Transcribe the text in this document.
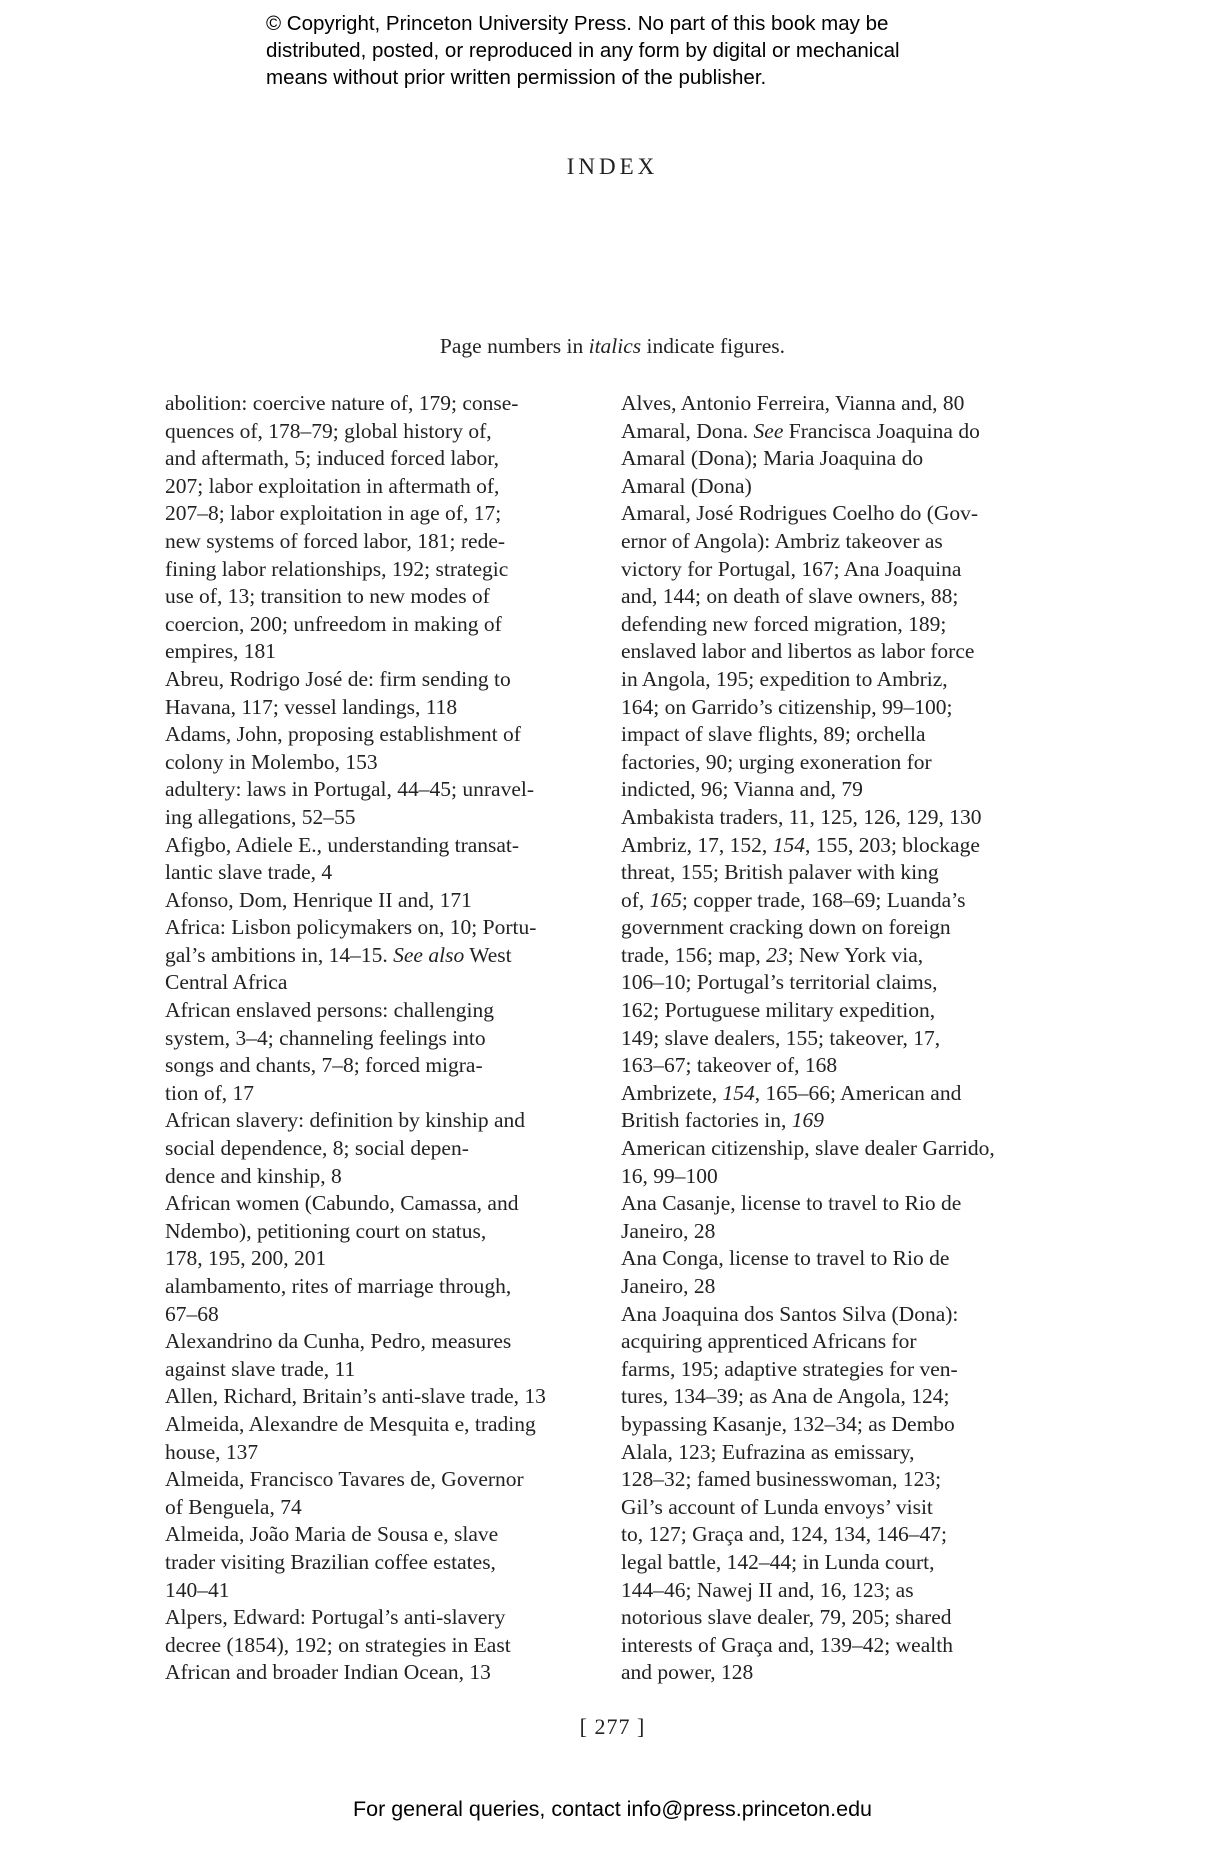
© Copyright, Princeton University Press. No part of this book may be
distributed, posted, or reproduced in any form by digital or mechanical
means without prior written permission of the publisher.
INDEX
Page numbers in italics indicate figures.
abolition: coercive nature of, 179; conse-
quences of, 178–79; global history of,
and aftermath, 5; induced forced labor,
207; labor exploitation in aftermath of,
207–8; labor exploitation in age of, 17;
new systems of forced labor, 181; rede-
fining labor relationships, 192; strategic
use of, 13; transition to new modes of
coercion, 200; unfreedom in making of
empires, 181
Abreu, Rodrigo José de: firm sending to
Havana, 117; vessel landings, 118
Adams, John, proposing establishment of
colony in Molembo, 153
adultery: laws in Portugal, 44–45; unravel-
ing allegations, 52–55
Afigbo, Adiele E., understanding transat-
lantic slave trade, 4
Afonso, Dom, Henrique II and, 171
Africa: Lisbon policymakers on, 10; Portu-
gal’s ambitions in, 14–15. See also West
Central Africa
African enslaved persons: challenging
system, 3–4; channeling feelings into
songs and chants, 7–8; forced migra-
tion of, 17
African slavery: definition by kinship and
social dependence, 8; social depen-
dence and kinship, 8
African women (Cabundo, Camassa, and
Ndembo), petitioning court on status,
178, 195, 200, 201
alambamento, rites of marriage through,
67–68
Alexandrino da Cunha, Pedro, measures
against slave trade, 11
Allen, Richard, Britain’s anti-slave trade, 13
Almeida, Alexandre de Mesquita e, trading
house, 137
Almeida, Francisco Tavares de, Governor
of Benguela, 74
Almeida, João Maria de Sousa e, slave
trader visiting Brazilian coffee estates,
140–41
Alpers, Edward: Portugal’s anti-slavery
decree (1854), 192; on strategies in East
African and broader Indian Ocean, 13
Alves, Antonio Ferreira, Vianna and, 80
Amaral, Dona. See Francisca Joaquina do
Amaral (Dona); Maria Joaquina do
Amaral (Dona)
Amaral, José Rodrigues Coelho do (Gov-
ernor of Angola): Ambriz takeover as
victory for Portugal, 167; Ana Joaquina
and, 144; on death of slave owners, 88;
defending new forced migration, 189;
enslaved labor and libertos as labor force
in Angola, 195; expedition to Ambriz,
164; on Garrido’s citizenship, 99–100;
impact of slave flights, 89; orchella
factories, 90; urging exoneration for
indicted, 96; Vianna and, 79
Ambakista traders, 11, 125, 126, 129, 130
Ambriz, 17, 152, 154, 155, 203; blockage
threat, 155; British palaver with king
of, 165; copper trade, 168–69; Luanda’s
government cracking down on foreign
trade, 156; map, 23; New York via,
106–10; Portugal’s territorial claims,
162; Portuguese military expedition,
149; slave dealers, 155; takeover, 17,
163–67; takeover of, 168
Ambrizete, 154, 165–66; American and
British factories in, 169
American citizenship, slave dealer Garrido,
16, 99–100
Ana Casanje, license to travel to Rio de
Janeiro, 28
Ana Conga, license to travel to Rio de
Janeiro, 28
Ana Joaquina dos Santos Silva (Dona):
acquiring apprenticed Africans for
farms, 195; adaptive strategies for ven-
tures, 134–39; as Ana de Angola, 124;
bypassing Kasanje, 132–34; as Dembo
Alala, 123; Eufrazina as emissary,
128–32; famed businesswoman, 123;
Gil’s account of Lunda envoys’ visit
to, 127; Graça and, 124, 134, 146–47;
legal battle, 142–44; in Lunda court,
144–46; Nawej II and, 16, 123; as
notorious slave dealer, 79, 205; shared
interests of Graça and, 139–42; wealth
and power, 128
[ 277 ]
For general queries, contact info@press.princeton.edu
